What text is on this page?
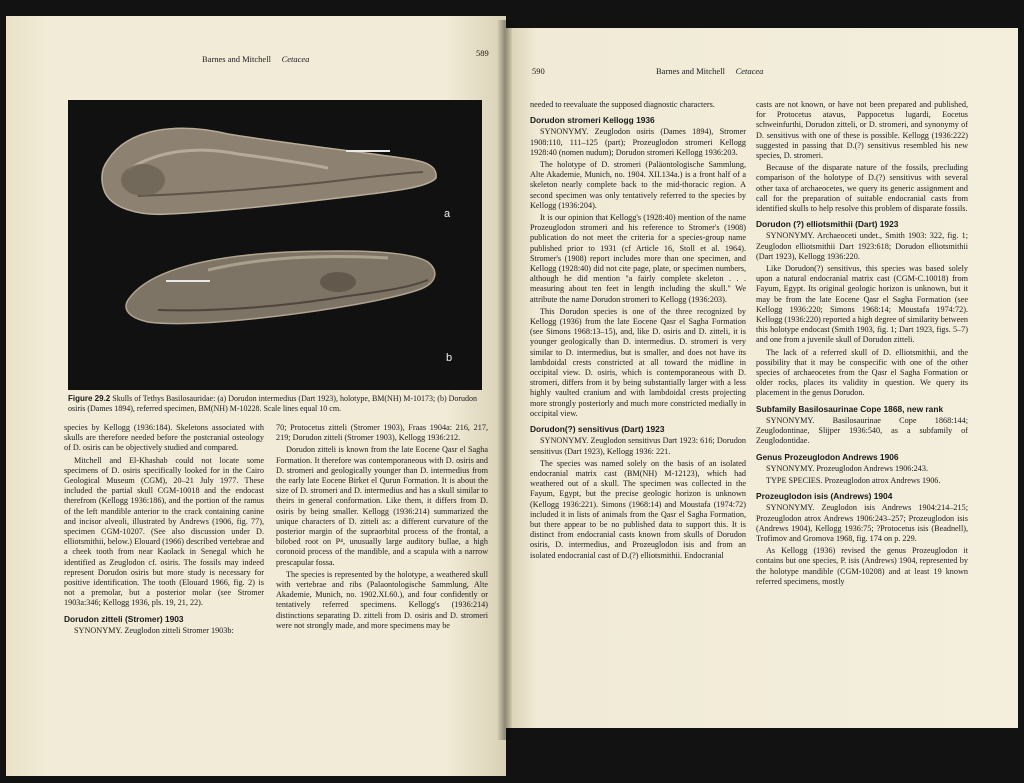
Barnes and Mitchell Cetacea
589
a
b
Figure 29.2 Skulls of Tethys Basilosauridae: (a) Dorudon intermedius (Dart 1923), holotype, BM(NH) M-10173; (b) Dorudon osiris (Dames 1894), referred specimen, BM(NH) M-10228. Scale lines equal 10 cm.

species by Kellogg (1936:184). Skeletons associated with skulls are therefore needed before the postcranial osteology of D. osiris can be objectively studied and compared.

Mitchell and El-Khashab could not locate some specimens of D. osiris specifically looked for in the Cairo Geological Museum (CGM), 20–21 July 1977. These included the partial skull CGM-10018 and the endocast therefrom (Kellogg 1936:186), and the portion of the ramus of the left mandible anterior to the crack containing canine and incisor alveoli, illustrated by Andrews (1906, fig. 77), specimen CGM-10207. (See also discussion under D. elliotsmithii, below.) Elouard (1966) described vertebrae and a cheek tooth from near Kaolack in Senegal which he identified as Zeuglodon cf. osiris. The fossils may indeed represent Dorudon osiris but more study is necessary for positive identification. The tooth (Elouard 1966, fig. 2) is not a premolar, but a posterior molar (see Stromer 1903a:346; Kellogg 1936, pls. 19, 21, 22).

Dorudon zitteli (Stromer) 1903

SYNONYMY. Zeuglodon zitteli Stromer 1903b:

70; Protocetus zitteli (Stromer 1903), Fraas 1904a: 216, 217, 219; Dorudon zitteli (Stromer 1903), Kellogg 1936:212.

Dorudon zitteli is known from the late Eocene Qasr el Sagha Formation. It therefore was contemporaneous with D. osiris and D. stromeri and geologically younger than D. intermedius from the early late Eocene Birket el Qurun Formation. It is about the size of D. stromeri and D. intermedius and has a skull similar to theirs in general conformation. Like them, it differs from D. osiris by being smaller. Kellogg (1936:214) summarized the unique characters of D. zitteli as: a different curvature of the posterior margin of the supraorbital process of the frontal, a bilobed root on P⁴, unusually large auditory bullae, a high coronoid process of the mandible, and a scapula with a narrow prescapular fossa.

The species is represented by the holotype, a weathered skull with vertebrae and ribs (Palaontologische Sammlung, Alte Akademie, Munich, no. 1902.XI.60.), and four confidently or tentatively referred specimens. Kellogg's (1936:214) distinctions separating D. zitteli from D. osiris and D. stromeri were not strongly made, and more specimens may be

590	Barnes and Mitchell Cetacea

needed to reevaluate the supposed diagnostic characters.

Dorudon stromeri Kellogg 1936

SYNONYMY. Zeuglodon osiris (Dames 1894), Stromer 1908:110, 111–125 (part); Prozeuglodon stromeri Kellogg 1928:40 (nomen nudum); Dorudon stromeri Kellogg 1936:203.

The holotype of D. stromeri (Paläontologische Sammlung, Alte Akademie, Munich, no. 1904. XII.134a.) is a front half of a skeleton nearly complete back to the mid-thoracic region. A second specimen was only tentatively referred to the species by Kellogg (1936:204).

It is our opinion that Kellogg's (1928:40) mention of the name Prozeuglodon stromeri and his reference to Stromer's (1908) publication do not meet the criteria for a species-group name published prior to 1931 (cf Article 16, Stoll et al. 1964). Stromer's (1908) report includes more than one specimen, and Kellogg (1928:40) did not cite page, plate, or specimen numbers, although he did mention "a fairly complete skeleton . . . measuring about ten feet in length including the skull." We attribute the name Dorudon stromeri to Kellogg (1936:203).

This Dorudon species is one of the three recognized by Kellogg (1936) from the late Eocene Qasr el Sagha Formation (see Simons 1968:13–15), and, like D. osiris and D. zitteli, it is younger geologically than D. intermedius. D. stromeri is very similar to D. intermedius, but is smaller, and does not have its lambdoidal crests constricted at all toward the midline in occipital view. D. osiris, which is contemporaneous with D. stromeri, differs from it by being substantially larger with a less highly vaulted cranium and with lambdoidal crests projecting more strongly posteriorly and much more constricted medially in occipital view.

Dorudon(?) sensitivus (Dart) 1923

SYNONYMY. Zeuglodon sensitivus Dart 1923: 616; Dorudon sensitivus (Dart 1923), Kellogg 1936: 221.

The species was named solely on the basis of an isolated endocranial matrix cast (BM(NH) M-12123), which had weathered out of a skull. The specimen was collected in the Fayum, Egypt, but the precise geologic horizon is unknown (Kellogg 1936:221). Simons (1968:14) and Moustafa (1974:72) included it in lists of animals from the Qasr el Sagha Formation, but there appear to be no published data to support this. It is distinct from endocranial casts known from skulls of Dorudon osiris, D. intermedius, and Prozeuglodon isis and from an isolated endocranial cast of D.(?) elliotsmithii. Endocranial

casts are not known, or have not been prepared and published, for Protocetus atavus, Pappocetus lugardi, Eocetus schweinfurthi, Dorudon zitteli, or D. stromeri, and synonymy of D. sensitivus with one of these is possible. Kellogg (1936:222) suggested in passing that D.(?) sensitivus resembled his new species, D. stromeri.

Because of the disparate nature of the fossils, precluding comparison of the holotype of D.(?) sensitivus with several other taxa of archaeocetes, we query its generic assignment and call for the preparation of suitable endocranial casts from identified skulls to help resolve this problem of disparate fossils.

Dorudon (?) elliotsmithii (Dart) 1923

SYNONYMY. Archaeoceti undet., Smith 1903: 322, fig. 1; Zeuglodon elliotsmithii Dart 1923:618; Dorudon elliotsmithii (Dart 1923), Kellogg 1936:220.

Like Dorudon(?) sensitivus, this species was based solely upon a natural endocranial matrix cast (CGM-C.10018) from Fayum, Egypt. Its original geologic horizon is unknown, but it may be from the late Eocene Qasr el Sagha Formation (see Kellogg 1936:220; Simons 1968:14; Moustafa 1974:72). Kellogg (1936:220) reported a high degree of similarity between this holotype endocast (Smith 1903, fig. 1; Dart 1923, figs. 5–7) and one from a juvenile skull of Dorudon zitteli.

The lack of a referred skull of D. elliotsmithii, and the possibility that it may be conspecific with one of the other species of archaeocetes from the Qasr el Sagha Formation or older rocks, places its validity in question. We query its placement in the genus Dorudon.

Subfamily Basilosaurinae Cope 1868, new rank

SYNONYMY. Basilosaurinae Cope 1868:144; Zeuglodontinae, Slijper 1936:540, as a subfamily of Zeuglodontidae.

Genus Prozeuglodon Andrews 1906

SYNONYMY. Prozeuglodon Andrews 1906:243.

TYPE SPECIES. Prozeuglodon atrox Andrews 1906.

Prozeuglodon isis (Andrews) 1904

SYNONYMY. Zeuglodon isis Andrews 1904:214–215; Prozeuglodon atrox Andrews 1906:243–257; Prozeuglodon isis (Andrews 1904), Kellogg 1936:75; ?Protocetus isis (Beadnell), Trofimov and Gromova 1968, fig. 174 on p. 229.

As Kellogg (1936) revised the genus Prozeuglodon it contains but one species, P. isis (Andrews) 1904, represented by the holotype mandible (CGM-10208) and at least 19 known referred specimens, mostly
